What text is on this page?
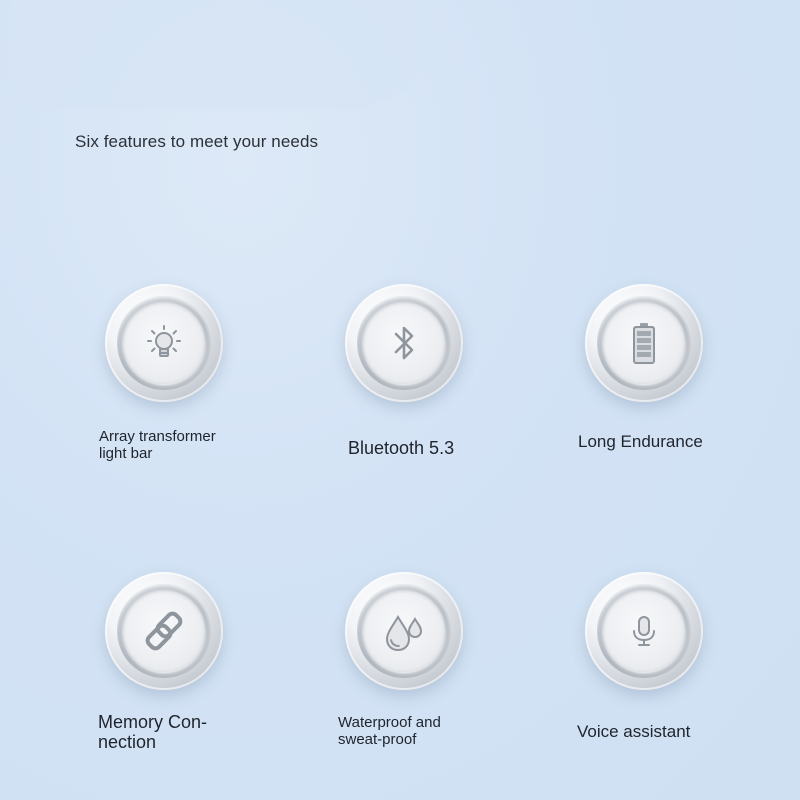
Six features to meet your needs
Array transformer
light bar	Bluetooth 5.3	Long Endurance
Memory Con-
nection
Waterproof and
sweat-proof	Voice assistant
